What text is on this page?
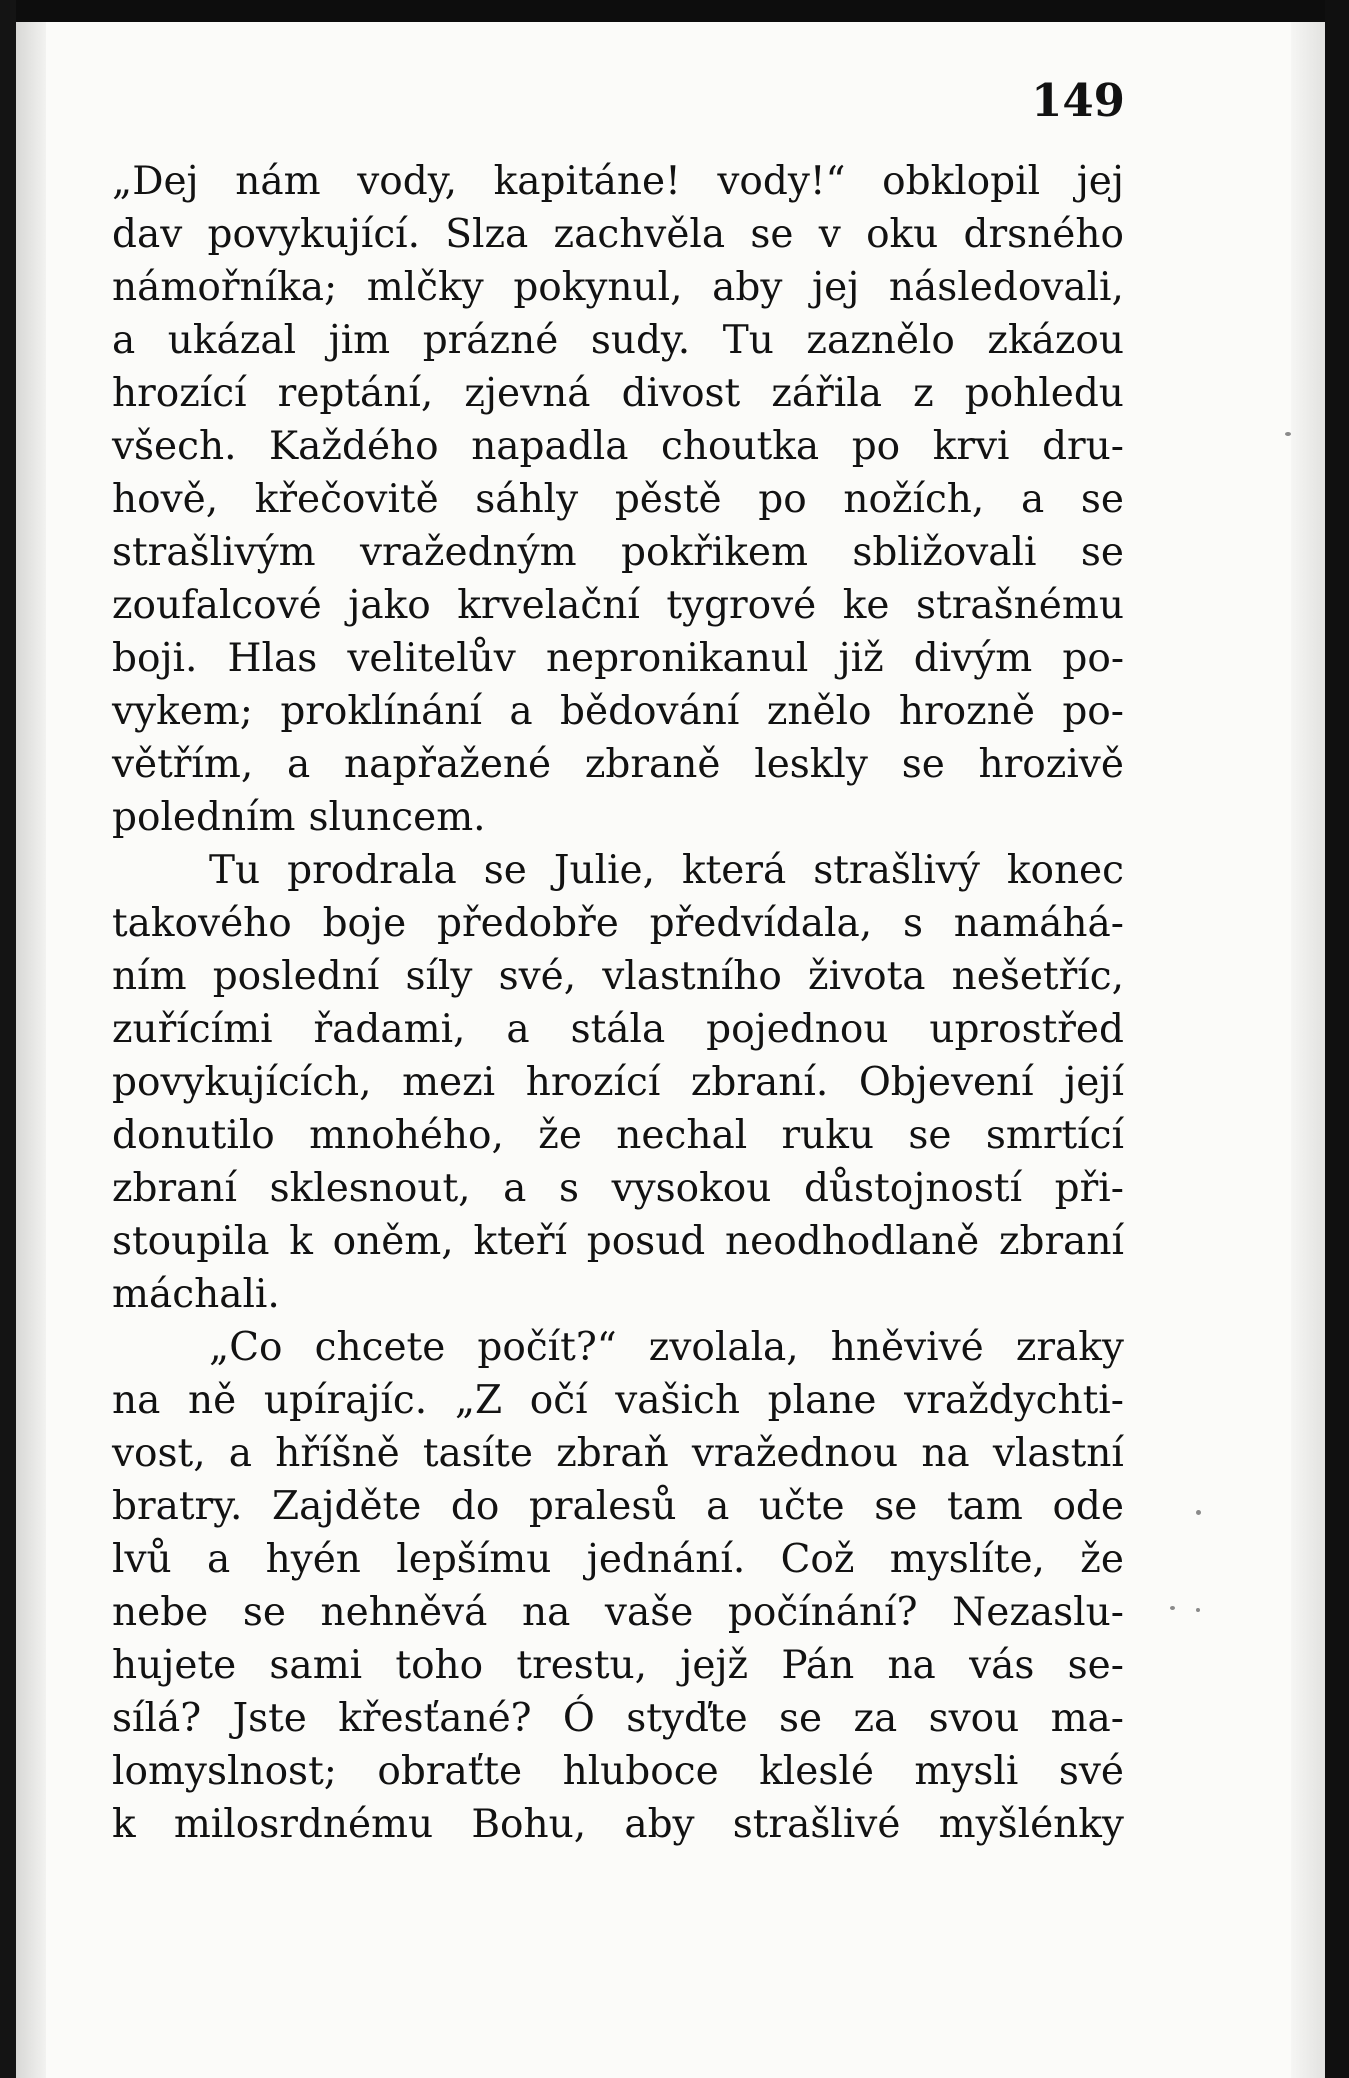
149
„Dej nám vody, kapitáne! vody!“ obklopil jej
dav povykující. Slza zachvěla se v oku drsného
námořníka; mlčky pokynul, aby jej následovali,
a ukázal jim prázné sudy. Tu zaznělo zkázou
hrozící reptání, zjevná divost zářila z pohledu
všech. Každého napadla choutka po krvi dru-
hově, křečovitě sáhly pěstě po nožích, a se
strašlivým vražedným pokřikem sbližovali se
zoufalcové jako krvelační tygrové ke strašnému
boji. Hlas velitelův nepronikanul již divým po-
vykem; proklínání a bědování znělo hrozně po-
větřím, a napřažené zbraně leskly se hrozivě
poledním sluncem.
Tu prodrala se Julie, která strašlivý konec
takového boje předobře předvídala, s namáhá-
ním poslední síly své, vlastního života nešetříc,
zuřícími řadami, a stála pojednou uprostřed
povykujících, mezi hrozící zbraní. Objevení její
donutilo mnohého, že nechal ruku se smrtící
zbraní sklesnout, a s vysokou důstojností při-
stoupila k oněm, kteří posud neodhodlaně zbraní
máchali.
„Co chcete počít?“ zvolala, hněvivé zraky
na ně upírajíc. „Z očí vašich plane vraždychti-
vost, a hříšně tasíte zbraň vražednou na vlastní
bratry. Zajděte do pralesů a učte se tam ode
lvů a hyén lepšímu jednání. Což myslíte, že
nebe se nehněvá na vaše počínání? Nezaslu-
hujete sami toho trestu, jejž Pán na vás se-
sílá? Jste křesťané? Ó styďte se za svou ma-
lomyslnost; obraťte hluboce kleslé mysli své
k milosrdnému Bohu, aby strašlivé myšlénky
